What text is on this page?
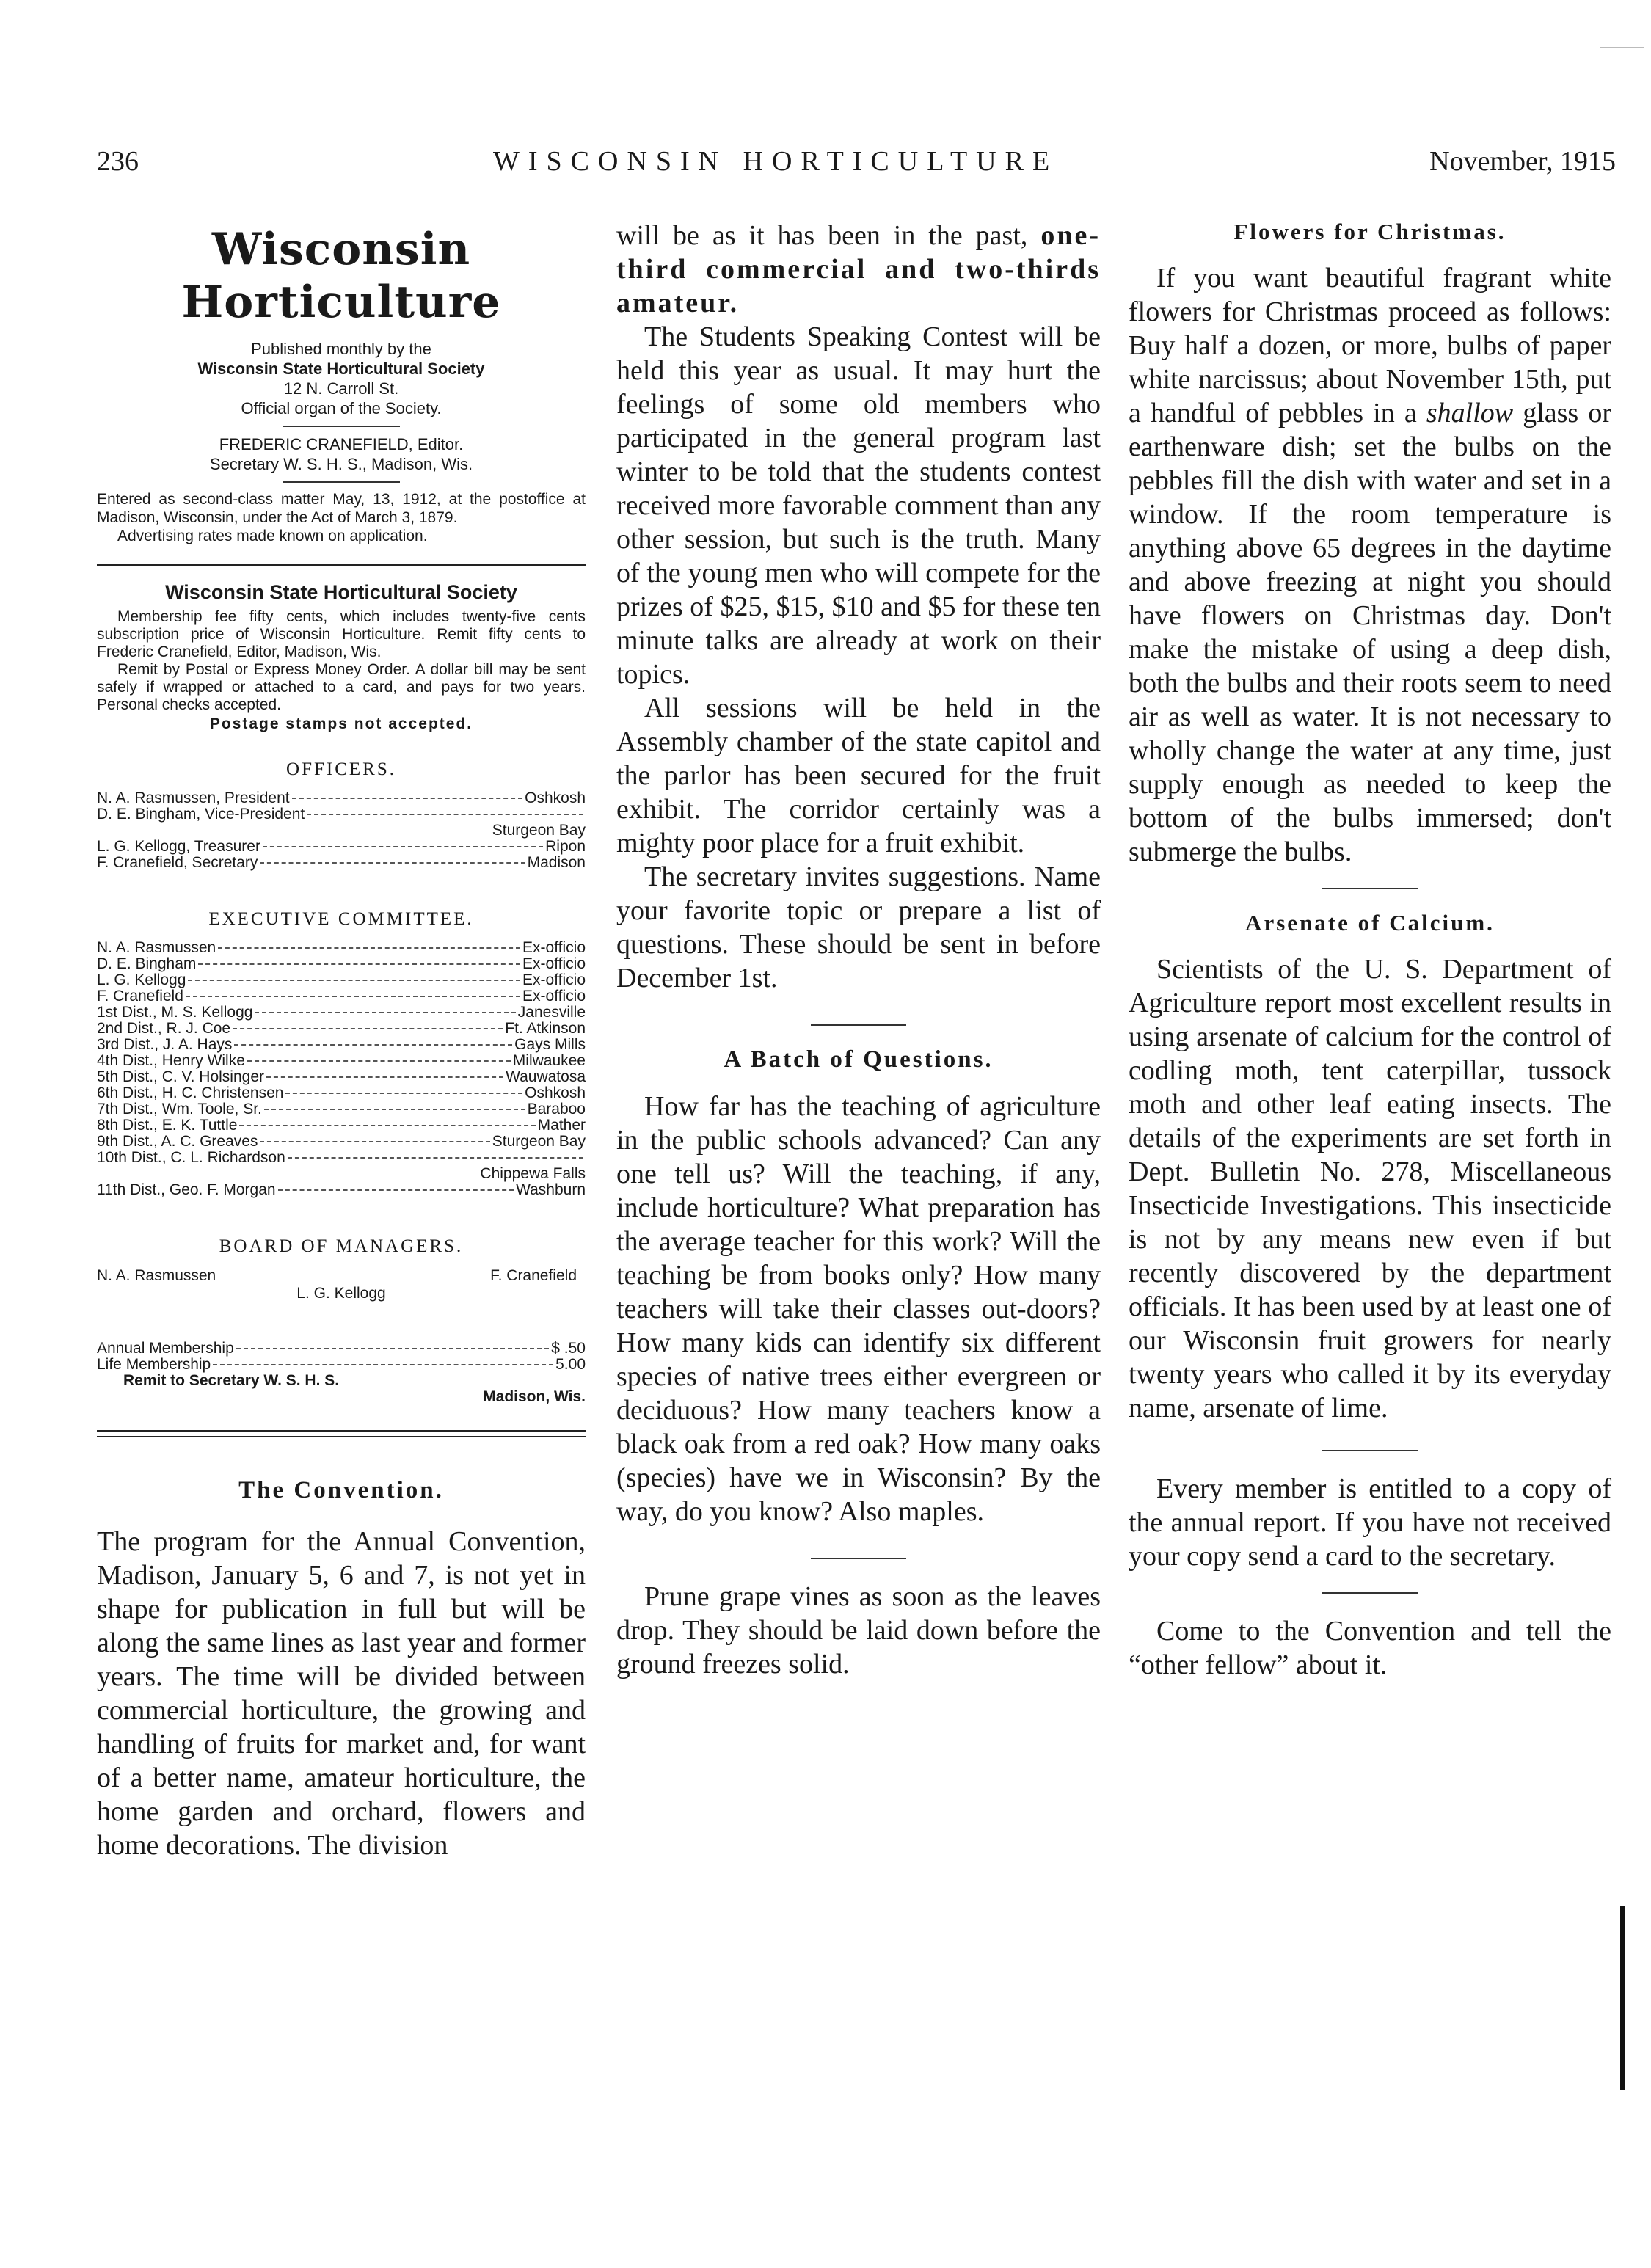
236	WISCONSIN HORTICULTURE	November, 1915
Wisconsin Horticulture
Published monthly by the
Wisconsin State Horticultural Society
12 N. Carroll St.
Official organ of the Society.
FREDERIC CRANEFIELD, Editor.
Secretary W. S. H. S., Madison, Wis.
Entered as second-class matter May, 13, 1912, at the postoffice at Madison, Wisconsin, under the Act of March 3, 1879.
Advertising rates made known on application.
Wisconsin State Horticultural Society

Membership fee fifty cents, which includes twenty-five cents subscription price of Wisconsin Horticulture. Remit fifty cents to Frederic Cranefield, Editor, Madison, Wis.

Remit by Postal or Express Money Order. A dollar bill may be sent safely if wrapped or attached to a card, and pays for two years. Personal checks accepted.

Postage stamps not accepted.
OFFICERS.
N. A. Rasmussen, President	Oshkosh
D. E. Bingham, Vice-President
Sturgeon Bay
L. G. Kellogg, Treasurer	Ripon
F. Cranefield, Secretary	Madison
EXECUTIVE COMMITTEE.
N. A. Rasmussen	Ex-officio
D. E. Bingham	Ex-officio
L. G. Kellogg	Ex-officio
F. Cranefield	Ex-officio
1st Dist., M. S. Kellogg	Janesville
2nd Dist., R. J. Coe	Ft. Atkinson
3rd Dist., J. A. Hays	Gays Mills
4th Dist., Henry Wilke	Milwaukee
5th Dist., C. V. Holsinger	Wauwatosa
6th Dist., H. C. Christensen	Oshkosh
7th Dist., Wm. Toole, Sr.	Baraboo
8th Dist., E. K. Tuttle	Mather
9th Dist., A. C. Greaves	Sturgeon Bay
10th Dist., C. L. Richardson
Chippewa Falls
11th Dist., Geo. F. Morgan	Washburn
BOARD OF MANAGERS.
N. A. Rasmussen	F. Cranefield
L. G. Kellogg
Annual Membership	$ .50
Life Membership	5.00
Remit to Secretary W. S. H. S.
Madison, Wis.
The Convention.

The program for the Annual Convention, Madison, January 5, 6 and 7, is not yet in shape for publication in full but will be along the same lines as last year and former years. The time will be divided between commercial horticulture, the growing and handling of fruits for market and, for want of a better name, amateur horticulture, the home garden and orchard, flowers and home decorations. The division

will be as it has been in the past, one-third commercial and two-thirds amateur.

The Students Speaking Contest will be held this year as usual. It may hurt the feelings of some old members who participated in the general program last winter to be told that the students contest received more favorable comment than any other session, but such is the truth. Many of the young men who will compete for the prizes of $25, $15, $10 and $5 for these ten minute talks are already at work on their topics.

All sessions will be held in the Assembly chamber of the state capitol and the parlor has been secured for the fruit exhibit. The corridor certainly was a mighty poor place for a fruit exhibit.

The secretary invites suggestions. Name your favorite topic or prepare a list of questions. These should be sent in before December 1st.

A Batch of Questions.

How far has the teaching of agriculture in the public schools advanced? Can any one tell us? Will the teaching, if any, include horticulture? What preparation has the average teacher for this work? Will the teaching be from books only? How many teachers will take their classes out-doors? How many kids can identify six different species of native trees either evergreen or deciduous? How many teachers know a black oak from a red oak? How many oaks (species) have we in Wisconsin? By the way, do you know? Also maples.

Prune grape vines as soon as the leaves drop. They should be laid down before the ground freezes solid.

Flowers for Christmas.

If you want beautiful fragrant white flowers for Christmas proceed as follows: Buy half a dozen, or more, bulbs of paper white narcissus; about November 15th, put a handful of pebbles in a shallow glass or earthenware dish; set the bulbs on the pebbles fill the dish with water and set in a window. If the room temperature is anything above 65 degrees in the daytime and above freezing at night you should have flowers on Christmas day. Don't make the mistake of using a deep dish, both the bulbs and their roots seem to need air as well as water. It is not necessary to wholly change the water at any time, just supply enough as needed to keep the bottom of the bulbs immersed; don't submerge the bulbs.

Arsenate of Calcium.

Scientists of the U. S. Department of Agriculture report most excellent results in using arsenate of calcium for the control of codling moth, tent caterpillar, tussock moth and other leaf eating insects. The details of the experiments are set forth in Dept. Bulletin No. 278, Miscellaneous Insecticide Investigations. This insecticide is not by any means new even if but recently discovered by the department officials. It has been used by at least one of our Wisconsin fruit growers for nearly twenty years who called it by its everyday name, arsenate of lime.

Every member is entitled to a copy of the annual report. If you have not received your copy send a card to the secretary.

Come to the Convention and tell the “other fellow” about it.
